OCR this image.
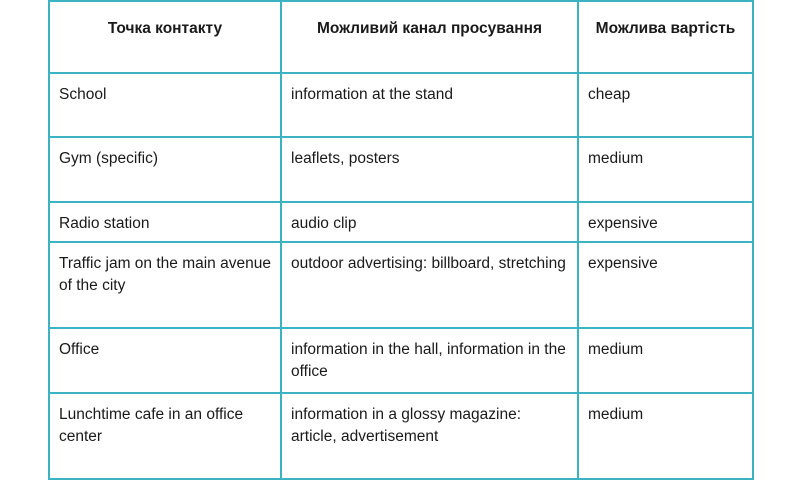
Точка контакту	Можливий канал просування	Можлива вартість
School	information at the stand	cheap
Gym (specific)	leaflets, posters	medium
Radio station	audio clip	expensive
Traffic jam on the main avenue of the city	outdoor advertising: billboard, stretching	expensive
Office	information in the hall, information in the office	medium
Lunchtime cafe in an office center	information in a glossy magazine: article, advertisement	medium
